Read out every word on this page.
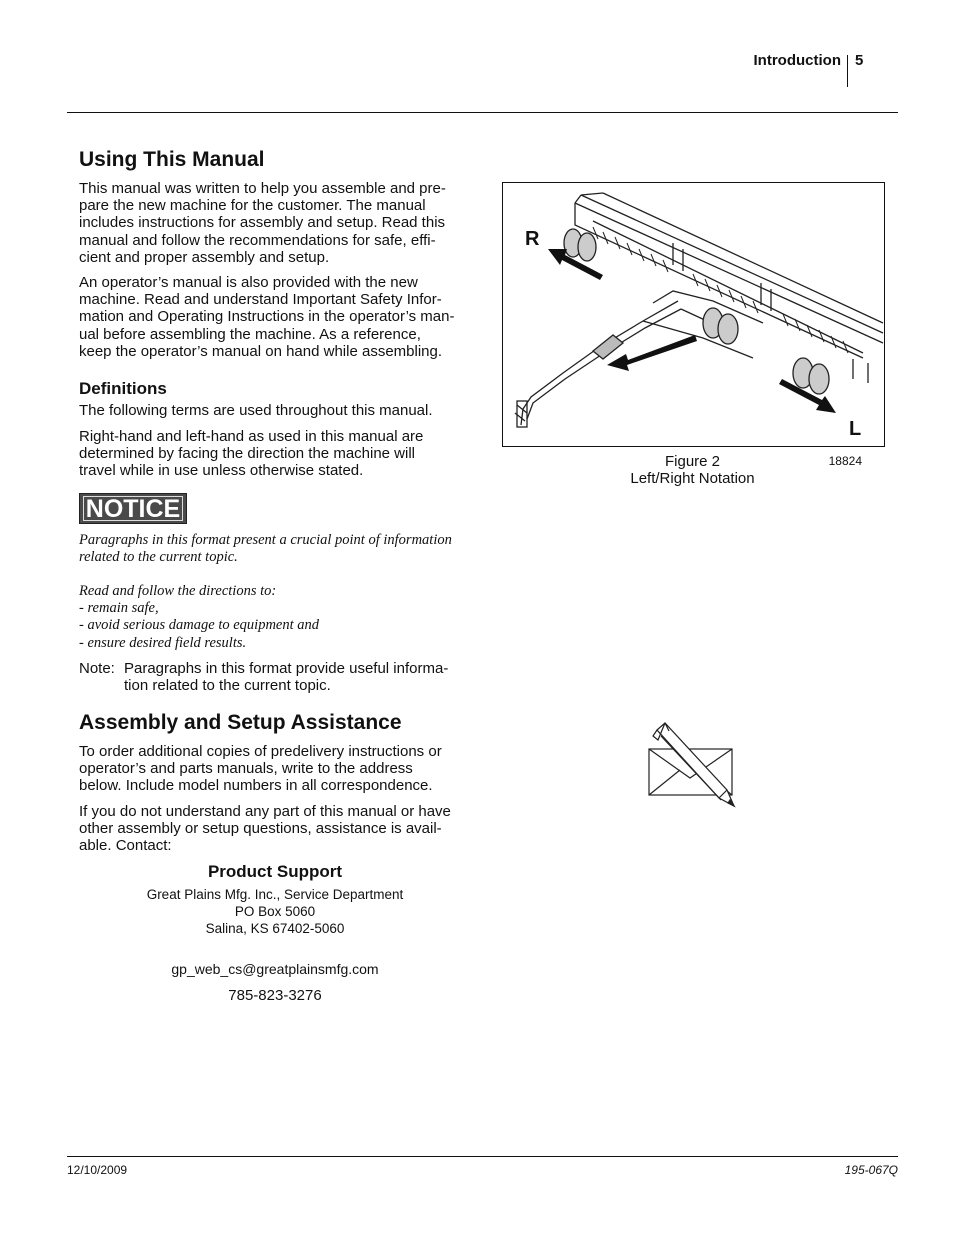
Introduction 5
Using This Manual

This manual was written to help you assemble and pre-

pare the new machine for the customer. The manual

includes instructions for assembly and setup. Read this

manual and follow the recommendations for safe, effi-

cient and proper assembly and setup.

An operator’s manual is also provided with the new

machine. Read and understand Important Safety Infor-

mation and Operating Instructions in the operator’s man-

ual before assembling the machine. As a reference,

keep the operator’s manual on hand while assembling.

Definitions

The following terms are used throughout this manual.

Right-hand and left-hand as used in this manual are

determined by facing the direction the machine will

travel while in use unless otherwise stated.

NOTICE

Paragraphs in this format present a crucial point of information

related to the current topic.

Read and follow the directions to:

- remain safe,

- avoid serious damage to equipment and

- ensure desired field results.

Note: Paragraphs in this format provide useful informa-

tion related to the current topic.

Assembly and Setup Assistance

To order additional copies of predelivery instructions or

operator’s and parts manuals, write to the address

below. Include model numbers in all correspondence.

If you do not understand any part of this manual or have

other assembly or setup questions, assistance is avail-

able. Contact:

Product Support

Great Plains Mfg. Inc., Service Department

PO Box 5060

Salina, KS 67402-5060

gp_web_cs@greatplainsmfg.com
785-823-3276
R
L

Figure 2

Left/Right Notation

18824
12/10/2009	195-067Q
